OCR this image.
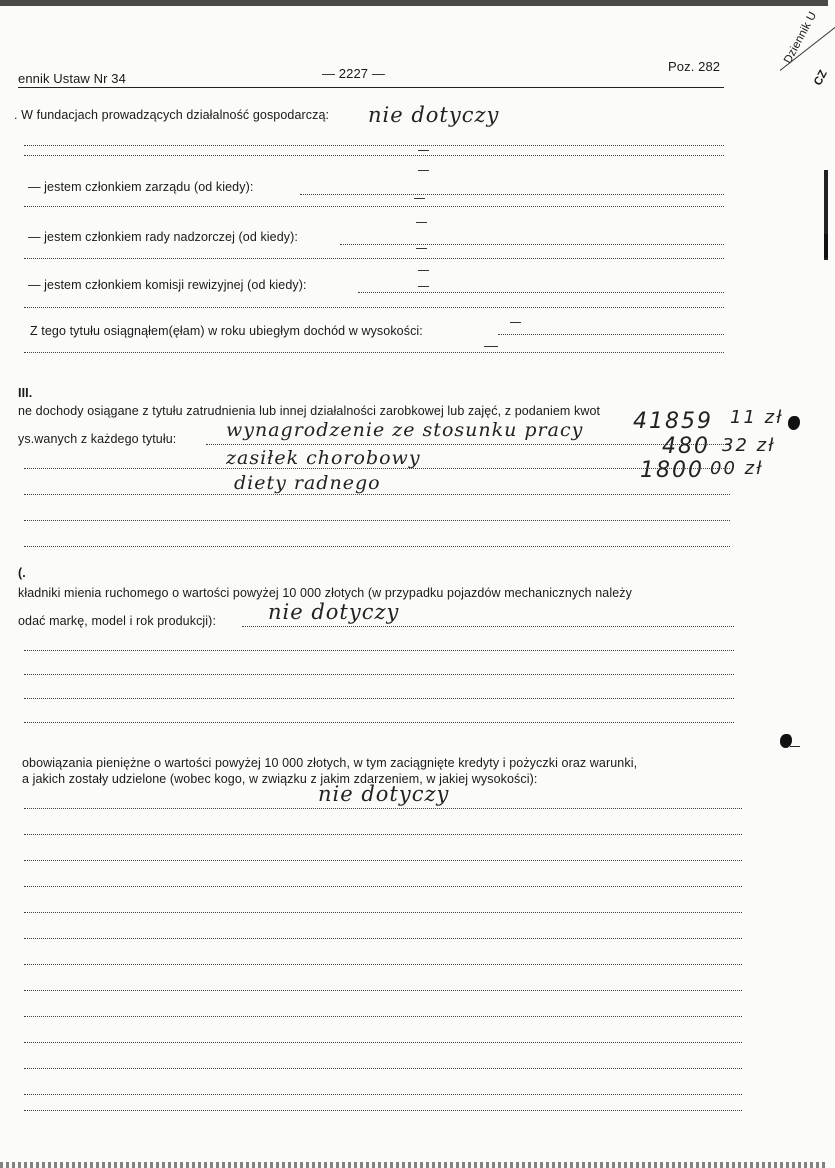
ennik Ustaw Nr 34	— 2227 —	Poz. 282
Dziennik U
CZ
. W fundacjach prowadzących działalność gospodarczą: nie dotyczy
— jestem członkiem zarządu (od kiedy):
— jestem członkiem rady nadzorczej (od kiedy):
— jestem członkiem komisji rewizyjnej (od kiedy):
Z tego tytułu osiągnąłem(ęłam) w roku ubiegłym dochód w wysokości:
III.
ne dochody osiągane z tytułu zatrudnienia lub innej działalności zarobkowej lub zajęć, z podaniem kwot
ys.wanych z każdego tytułu:	wynagrodzenie ze stosunku pracy 41859 11 zł
zasiłek chorobowy	480 32 zł
diety radnego	1800 00 zł
(.
kładniki mienia ruchomego o wartości powyżej 10 000 złotych (w przypadku pojazdów mechanicznych należy
odać markę, model i rok produkcji): nie dotyczy
obowiązania pieniężne o wartości powyżej 10 000 złotych, w tym zaciągnięte kredyty i pożyczki oraz warunki,
a jakich zostały udzielone (wobec kogo, w związku z jakim zdarzeniem, w jakiej wysokości):
nie dotyczy
